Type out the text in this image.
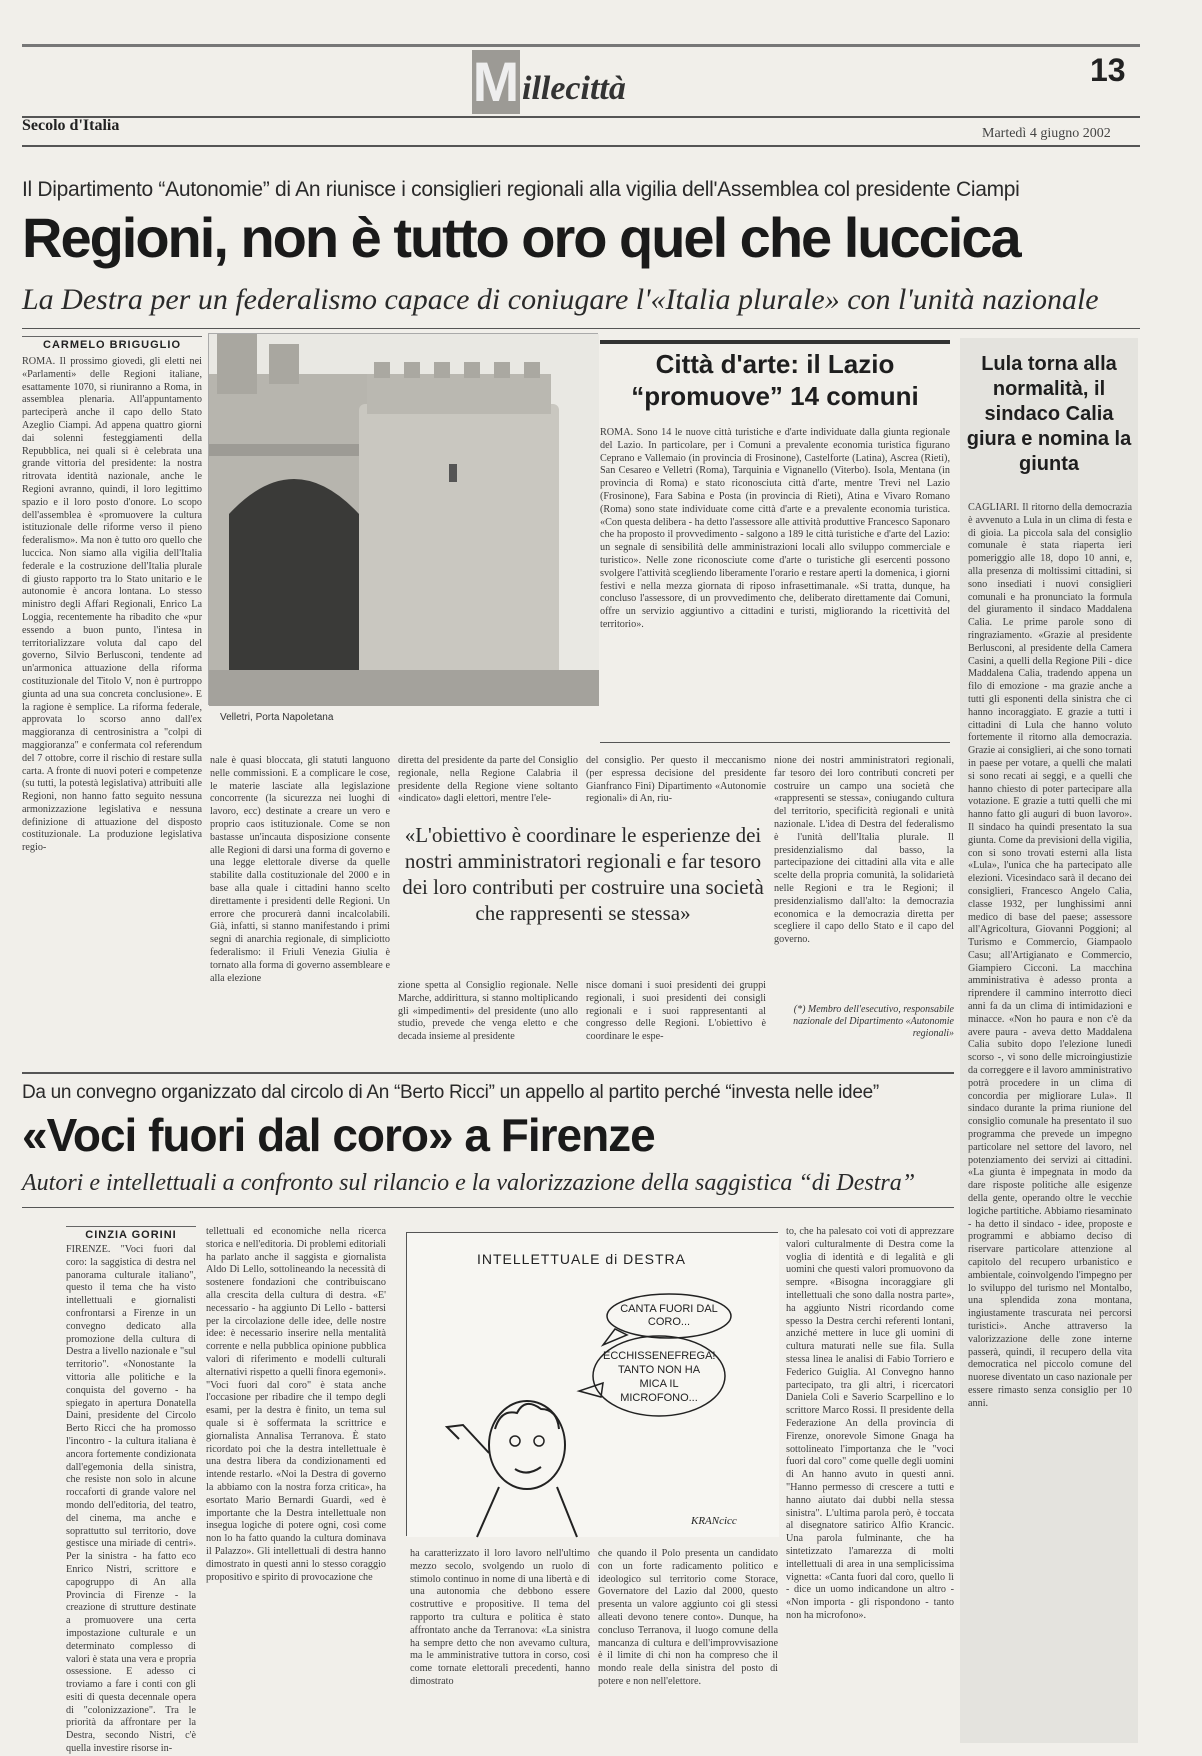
M illecittà	13
Secolo d'Italia	Martedì 4 giugno 2002
Il Dipartimento “Autonomie” di An riunisce i consiglieri regionali alla vigilia dell'Assemblea col presidente Ciampi
Regioni, non è tutto oro quel che luccica
La Destra per un federalismo capace di coniugare l'«Italia plurale» con l'unità nazionale
CARMELO BRIGUGLIO
ROMA. Il prossimo giovedì, gli eletti nei «Parlamenti» delle Regioni italiane, esattamente 1070, si riuniranno a Roma, in assemblea plenaria. All'appuntamento parteciperà anche il capo dello Stato Azeglio Ciampi. Ad appena quattro giorni dai solenni festeggiamenti della Repubblica, nei quali si è celebrata una grande vittoria del presidente: la nostra ritrovata identità nazionale, anche le Regioni avranno, quindi, il loro legittimo spazio e il loro posto d'onore. Lo scopo dell'assemblea è «promuovere la cultura istituzionale delle riforme verso il pieno federalismo». Ma non è tutto oro quello che luccica. Non siamo alla vigilia dell'Italia federale e la costruzione dell'Italia plurale di giusto rapporto tra lo Stato unitario e le autonomie è ancora lontana. Lo stesso ministro degli Affari Regionali, Enrico La Loggia, recentemente ha ribadito che «pur essendo a buon punto, l'intesa in territorializzare voluta dal capo del governo, Silvio Berlusconi, tendente ad un'armonica attuazione della riforma costituzionale del Titolo V, non è purtroppo giunta ad una sua concreta conclusione». E la ragione è semplice. La riforma federale, approvata lo scorso anno dall'ex maggioranza di centrosinistra a "colpi di maggioranza" e confermata col referendum del 7 ottobre, corre il rischio di restare sulla carta. A fronte di nuovi poteri e competenze (su tutti, la potestà legislativa) attribuiti alle Regioni, non hanno fatto seguito nessuna armonizzazione legislativa e nessuna definizione di attuazione del disposto costituzionale. La produzione legislativa regio-
Velletri, Porta Napoletana
Città d'arte: il Lazio “promuove” 14 comuni
ROMA. Sono 14 le nuove città turistiche e d'arte individuate dalla giunta regionale del Lazio. In particolare, per i Comuni a prevalente economia turistica figurano Ceprano e Vallemaio (in provincia di Frosinone), Castelforte (Latina), Ascrea (Rieti), San Cesareo e Velletri (Roma), Tarquinia e Vignanello (Viterbo). Isola, Mentana (in provincia di Roma) e stato riconosciuta città d'arte, mentre Trevi nel Lazio (Frosinone), Fara Sabina e Posta (in provincia di Rieti), Atina e Vivaro Romano (Roma) sono state individuate come città d'arte e a prevalente economia turistica. «Con questa delibera - ha detto l'assessore alle attività produttive Francesco Saponaro che ha proposto il provvedimento - salgono a 189 le città turistiche e d'arte del Lazio: un segnale di sensibilità delle amministrazioni locali allo sviluppo commerciale e turistico». Nelle zone riconosciute come d'arte o turistiche gli esercenti possono svolgere l'attività scegliendo liberamente l'orario e restare aperti la domenica, i giorni festivi e nella mezza giornata di riposo infrasettimanale. «Si tratta, dunque, ha concluso l'assessore, di un provvedimento che, deliberato direttamente dai Comuni, offre un servizio aggiuntivo a cittadini e turisti, migliorando la ricettività del territorio».
Lula torna alla normalità, il sindaco Calia giura e nomina la giunta
CAGLIARI. Il ritorno della democrazia è avvenuto a Lula in un clima di festa e di gioia. La piccola sala del consiglio comunale è stata riaperta ieri pomeriggio alle 18, dopo 10 anni, e, alla presenza di moltissimi cittadini, si sono insediati i nuovi consiglieri comunali e ha pronunciato la formula del giuramento il sindaco Maddalena Calia. Le prime parole sono di ringraziamento. «Grazie al presidente Berlusconi, al presidente della Camera Casini, a quelli della Regione Pili - dice Maddalena Calia, tradendo appena un filo di emozione - ma grazie anche a tutti gli esponenti della sinistra che ci hanno incoraggiato. E grazie a tutti i cittadini di Lula che hanno voluto fortemente il ritorno alla democrazia. Grazie ai consiglieri, ai che sono tornati in paese per votare, a quelli che malati si sono recati ai seggi, e a quelli che hanno chiesto di poter partecipare alla votazione. E grazie a tutti quelli che mi hanno fatto gli auguri di buon lavoro». Il sindaco ha quindi presentato la sua giunta. Come da previsioni della vigilia, con si sono trovati esterni alla lista «Lula», l'unica che ha partecipato alle elezioni. Vicesindaco sarà il decano dei consiglieri, Francesco Angelo Calia, classe 1932, per lunghissimi anni medico di base del paese; assessore all'Agricoltura, Giovanni Poggioni; al Turismo e Commercio, Giampaolo Casu; all'Artigianato e Commercio, Giampiero Cicconi. La macchina amministrativa è adesso pronta a riprendere il cammino interrotto dieci anni fa da un clima di intimidazioni e minacce. «Non ho paura e non c'è da avere paura - aveva detto Maddalena Calia subito dopo l'elezione lunedì scorso -, vi sono delle microingiustizie da correggere e il lavoro amministrativo potrà procedere in un clima di concordia per migliorare Lula». Il sindaco durante la prima riunione del consiglio comunale ha presentato il suo programma che prevede un impegno particolare nel settore del lavoro, nel potenziamento dei servizi ai cittadini. «La giunta è impegnata in modo da dare risposte politiche alle esigenze della gente, operando oltre le vecchie logiche partitiche. Abbiamo riesaminato - ha detto il sindaco - idee, proposte e programmi e abbiamo deciso di riservare particolare attenzione al capitolo del recupero urbanistico e ambientale, coinvolgendo l'impegno per lo sviluppo del turismo nel Montalbo, una splendida zona montana, ingiustamente trascurata nei percorsi turistici». Anche attraverso la valorizzazione delle zone interne passerà, quindi, il recupero della vita democratica nel piccolo comune del nuorese diventato un caso nazionale per essere rimasto senza consiglio per 10 anni.
nale è quasi bloccata, gli statuti languono nelle commissioni. E a complicare le cose, le materie lasciate alla legislazione concorrente (la sicurezza nei luoghi di lavoro, ecc) destinate a creare un vero e proprio caos istituzionale. Come se non bastasse un'incauta disposizione consente alle Regioni di darsi una forma di governo e una legge elettorale diverse da quelle stabilite dalla costituzionale del 2000 e in base alla quale i cittadini hanno scelto direttamente i presidenti delle Regioni. Un errore che procurerà danni incalcolabili. Già, infatti, si stanno manifestando i primi segni di anarchia regionale, di simpliciotto federalismo: il Friuli Venezia Giulia è tornato alla forma di governo assembleare e alla elezione
diretta del presidente da parte del Consiglio regionale, nella Regione Calabria il presidente della Regione viene soltanto «indicato» dagli elettori, mentre l'ele-
del consiglio. Per questo il meccanismo (per espressa decisione del presidente Gianfranco Fini) Dipartimento «Autonomie regionali» di An, riu-
nione dei nostri amministratori regionali, far tesoro dei loro contributi concreti per costruire un campo una società che «rappresenti se stessa», coniugando cultura del territorio, specificità regionali e unità nazionale. L'idea di Destra del federalismo è l'unità dell'Italia plurale. Il presidenzialismo dal basso, la partecipazione dei cittadini alla vita e alle scelte della propria comunità, la solidarietà nelle Regioni e tra le Regioni; il presidenzialismo dall'alto: la democrazia economica e la democrazia diretta per scegliere il capo dello Stato e il capo del governo.
«L'obiettivo è coordinare le esperienze dei nostri amministratori regionali e far tesoro dei loro contributi per costruire una società che rappresenti se stessa»
zione spetta al Consiglio regionale. Nelle Marche, addirittura, si stanno moltiplicando gli «impedimenti» del presidente (uno allo studio, prevede che venga eletto e che decada insieme al presidente
nisce domani i suoi presidenti dei gruppi regionali, i suoi presidenti dei consigli regionali e i suoi rappresentanti al congresso delle Regioni. L'obiettivo è coordinare le espe-
(*) Membro dell'esecutivo, responsabile nazionale del Dipartimento «Autonomie regionali»
Da un convegno organizzato dal circolo di An “Berto Ricci” un appello al partito perché “investa nelle idee”
«Voci fuori dal coro» a Firenze
Autori e intellettuali a confronto sul rilancio e la valorizzazione della saggistica “di Destra”
CINZIA GORINI
FIRENZE. "Voci fuori dal coro: la saggistica di destra nel panorama culturale italiano", questo il tema che ha visto intellettuali e giornalisti confrontarsi a Firenze in un convegno dedicato alla promozione della cultura di Destra a livello nazionale e "sul territorio". «Nonostante la vittoria alle politiche e la conquista del governo - ha spiegato in apertura Donatella Daini, presidente del Circolo Berto Ricci che ha promosso l'incontro - la cultura italiana è ancora fortemente condizionata dall'egemonia della sinistra, che resiste non solo in alcune roccaforti di grande valore nel mondo dell'editoria, del teatro, del cinema, ma anche e soprattutto sul territorio, dove gestisce una miriade di centri». Per la sinistra - ha fatto eco Enrico Nistri, scrittore e capogruppo di An alla Provincia di Firenze - la creazione di strutture destinate a promuovere una certa impostazione culturale e un determinato complesso di valori è stata una vera e propria ossessione. E adesso ci troviamo a fare i conti con gli esiti di questa decennale opera di "colonizzazione". Tra le priorità da affrontare per la Destra, secondo Nistri, c'è quella investire risorse in-
tellettuali ed economiche nella ricerca storica e nell'editoria. Di problemi editoriali ha parlato anche il saggista e giornalista Aldo Di Lello, sottolineando la necessità di sostenere fondazioni che contribuiscano alla crescita della cultura di destra. «E' necessario - ha aggiunto Di Lello - battersi per la circolazione delle idee, delle nostre idee: è necessario inserire nella mentalità corrente e nella pubblica opinione pubblica valori di riferimento e modelli culturali alternativi rispetto a quelli finora egemoni». "Voci fuori dal coro" è stata anche l'occasione per ribadire che il tempo degli esami, per la destra è finito, un tema sul quale si è soffermata la scrittrice e giornalista Annalisa Terranova. È stato ricordato poi che la destra intellettuale è una destra libera da condizionamenti ed intende restarlo. «Noi la Destra di governo la abbiamo con la nostra forza critica», ha esortato Mario Bernardi Guardi, «ed è importante che la Destra intellettuale non insegua logiche di potere ogni, così come non lo ha fatto quando la cultura dominava il Palazzo». Gli intellettuali di destra hanno dimostrato in questi anni lo stesso coraggio propositivo e spirito di provocazione che
INTELLETTUALE di DESTRA
CANTA FUORI DAL CORO...
ECCHISSENEFREGA! TANTO NON HA MICA IL MICROFONO...
KRANcicc
ha caratterizzato il loro lavoro nell'ultimo mezzo secolo, svolgendo un ruolo di stimolo continuo in nome di una libertà e di una autonomia che debbono essere costruttive e propositive. Il tema del rapporto tra cultura e politica è stato affrontato anche da Terranova: «La sinistra ha sempre detto che non avevamo cultura, ma le amministrative tuttora in corso, così come tornate elettorali precedenti, hanno dimostrato
che quando il Polo presenta un candidato con un forte radicamento politico e ideologico sul territorio come Storace, Governatore del Lazio dal 2000, questo presenta un valore aggiunto coi gli stessi alleati devono tenere conto». Dunque, ha concluso Terranova, il luogo comune della mancanza di cultura e dell'improvvisazione è il limite di chi non ha compreso che il mondo reale della sinistra del posto di potere e non nell'elettore.
to, che ha palesato coi voti di apprezzare valori culturalmente di Destra come la voglia di identità e di legalità e gli uomini che questi valori promuovono da sempre. «Bisogna incoraggiare gli intellettuali che sono dalla nostra parte», ha aggiunto Nistri ricordando come spesso la Destra cerchi referenti lontani, anziché mettere in luce gli uomini di cultura maturati nelle sue fila. Sulla stessa linea le analisi di Fabio Torriero e Federico Guiglia. Al Convegno hanno partecipato, tra gli altri, i ricercatori Daniela Coli e Saverio Scarpellino e lo scrittore Marco Rossi. Il presidente della Federazione An della provincia di Firenze, onorevole Simone Gnaga ha sottolineato l'importanza che le "voci fuori dal coro" come quelle degli uomini di An hanno avuto in questi anni. "Hanno permesso di crescere a tutti e hanno aiutato dai dubbi nella stessa sinistra". L'ultima parola però, è toccata al disegnatore satirico Alfio Krancic. Una parola fulminante, che ha sintetizzato l'amarezza di molti intellettuali di area in una semplicissima vignetta: «Canta fuori dal coro, quello lì - dice un uomo indicandone un altro - «Non importa - gli rispondono - tanto non ha microfono».
